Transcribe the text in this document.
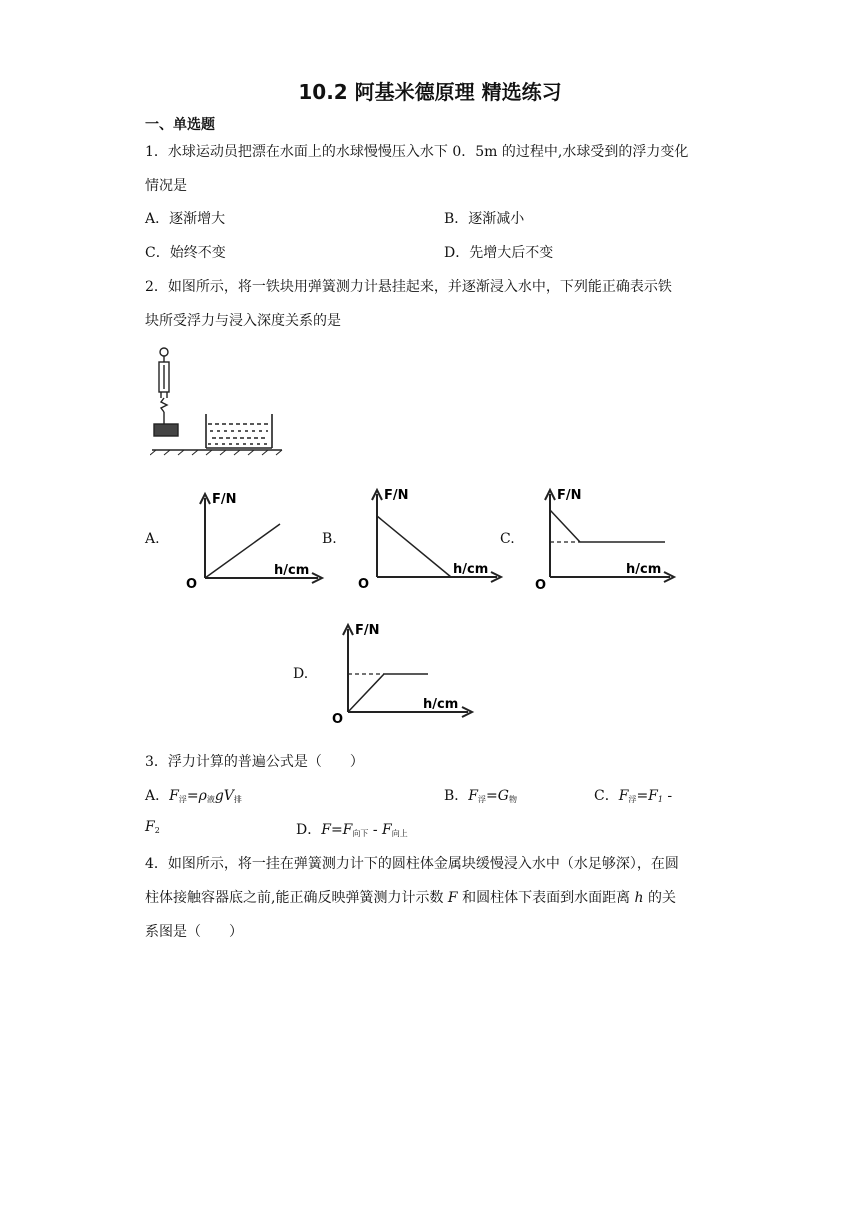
10.2 阿基米德原理 精选练习
一、单选题
1．水球运动员把漂在水面上的水球慢慢压入水下 0．5m 的过程中,水球受到的浮力变化
情况是
A．逐渐增大	B．逐渐减小
C．始终不变	D．先增大后不变
2．如图所示，将一铁块用弹簧测力计悬挂起来，并逐渐浸入水中，下列能正确表示铁
块所受浮力与浸入深度关系的是
A.
F/N
h/cm
O
B.
F/N
h/cm
O
C.
F/N
h/cm
O
D.
F/N
h/cm
O
3．浮力计算的普遍公式是（　　）
A．$F_浮=\rho_液gV_排$	B．$F_浮=G_物$	C．$F_浮=F_1$ -
$F_2$	D．$F=F_{向下} - F_{向上}$
4．如图所示，将一挂在弹簧测力计下的圆柱体金属块缓慢浸入水中（水足够深），在圆
柱体接触容器底之前,能正确反映弹簧测力计示数 F 和圆柱体下表面到水面距离 h 的关
系图是（　　）
